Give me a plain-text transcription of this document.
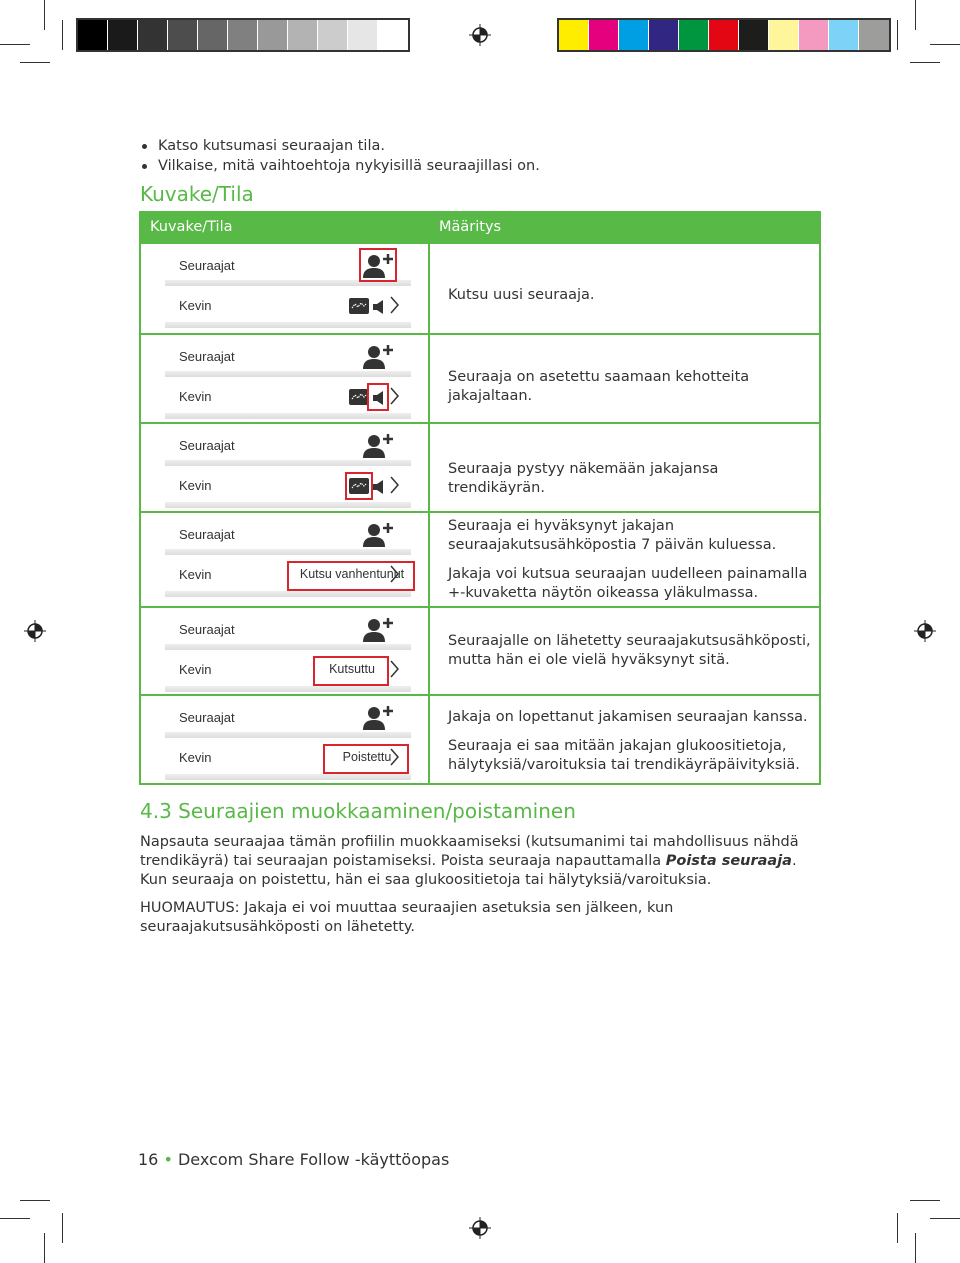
Katso kutsumasi seuraajan tila.
Vilkaise, mitä vaihtoehtoja nykyisillä seuraajillasi on.
Kuvake/Tila
Kuvake/Tila	Määritys
Seuraajat
Kevin

Kutsu uusi seuraaja.

Seuraajat
Kevin

Seuraaja on asetettu saamaan kehotteita jakajaltaan.

Seuraajat
Kevin

Seuraaja pystyy näkemään jakajansa trendikäyrän.

Seuraajat
Kevin	Kutsu vanhentunut

Seuraaja ei hyväksynyt jakajan seuraajakutsusähköpostia 7 päivän kuluessa.

Jakaja voi kutsua seuraajan uudelleen painamalla +-kuvaketta näytön oikeassa yläkulmassa.

Seuraajat
Kevin	Kutsuttu

Seuraajalle on lähetetty seuraajakutsusähköposti, mutta hän ei ole vielä hyväksynyt sitä.

Seuraajat
Kevin	Poistettu

Jakaja on lopettanut jakamisen seuraajan kanssa.

Seuraaja ei saa mitään jakajan glukoositietoja, hälytyksiä/varoituksia tai trendikäyräpäivityksiä.

4.3 Seuraajien muokkaaminen/poistaminen

Napsauta seuraajaa tämän profiilin muokkaamiseksi (kutsumanimi tai mahdollisuus nähdä trendikäyrä) tai seuraajan poistamiseksi. Poista seuraaja napauttamalla Poista seuraaja. Kun seuraaja on poistettu, hän ei saa glukoositietoja tai hälytyksiä/varoituksia.

HUOMAUTUS: Jakaja ei voi muuttaa seuraajien asetuksia sen jälkeen, kun seuraajakutsusähköposti on lähetetty.

16 • Dexcom Share Follow -käyttöopas
